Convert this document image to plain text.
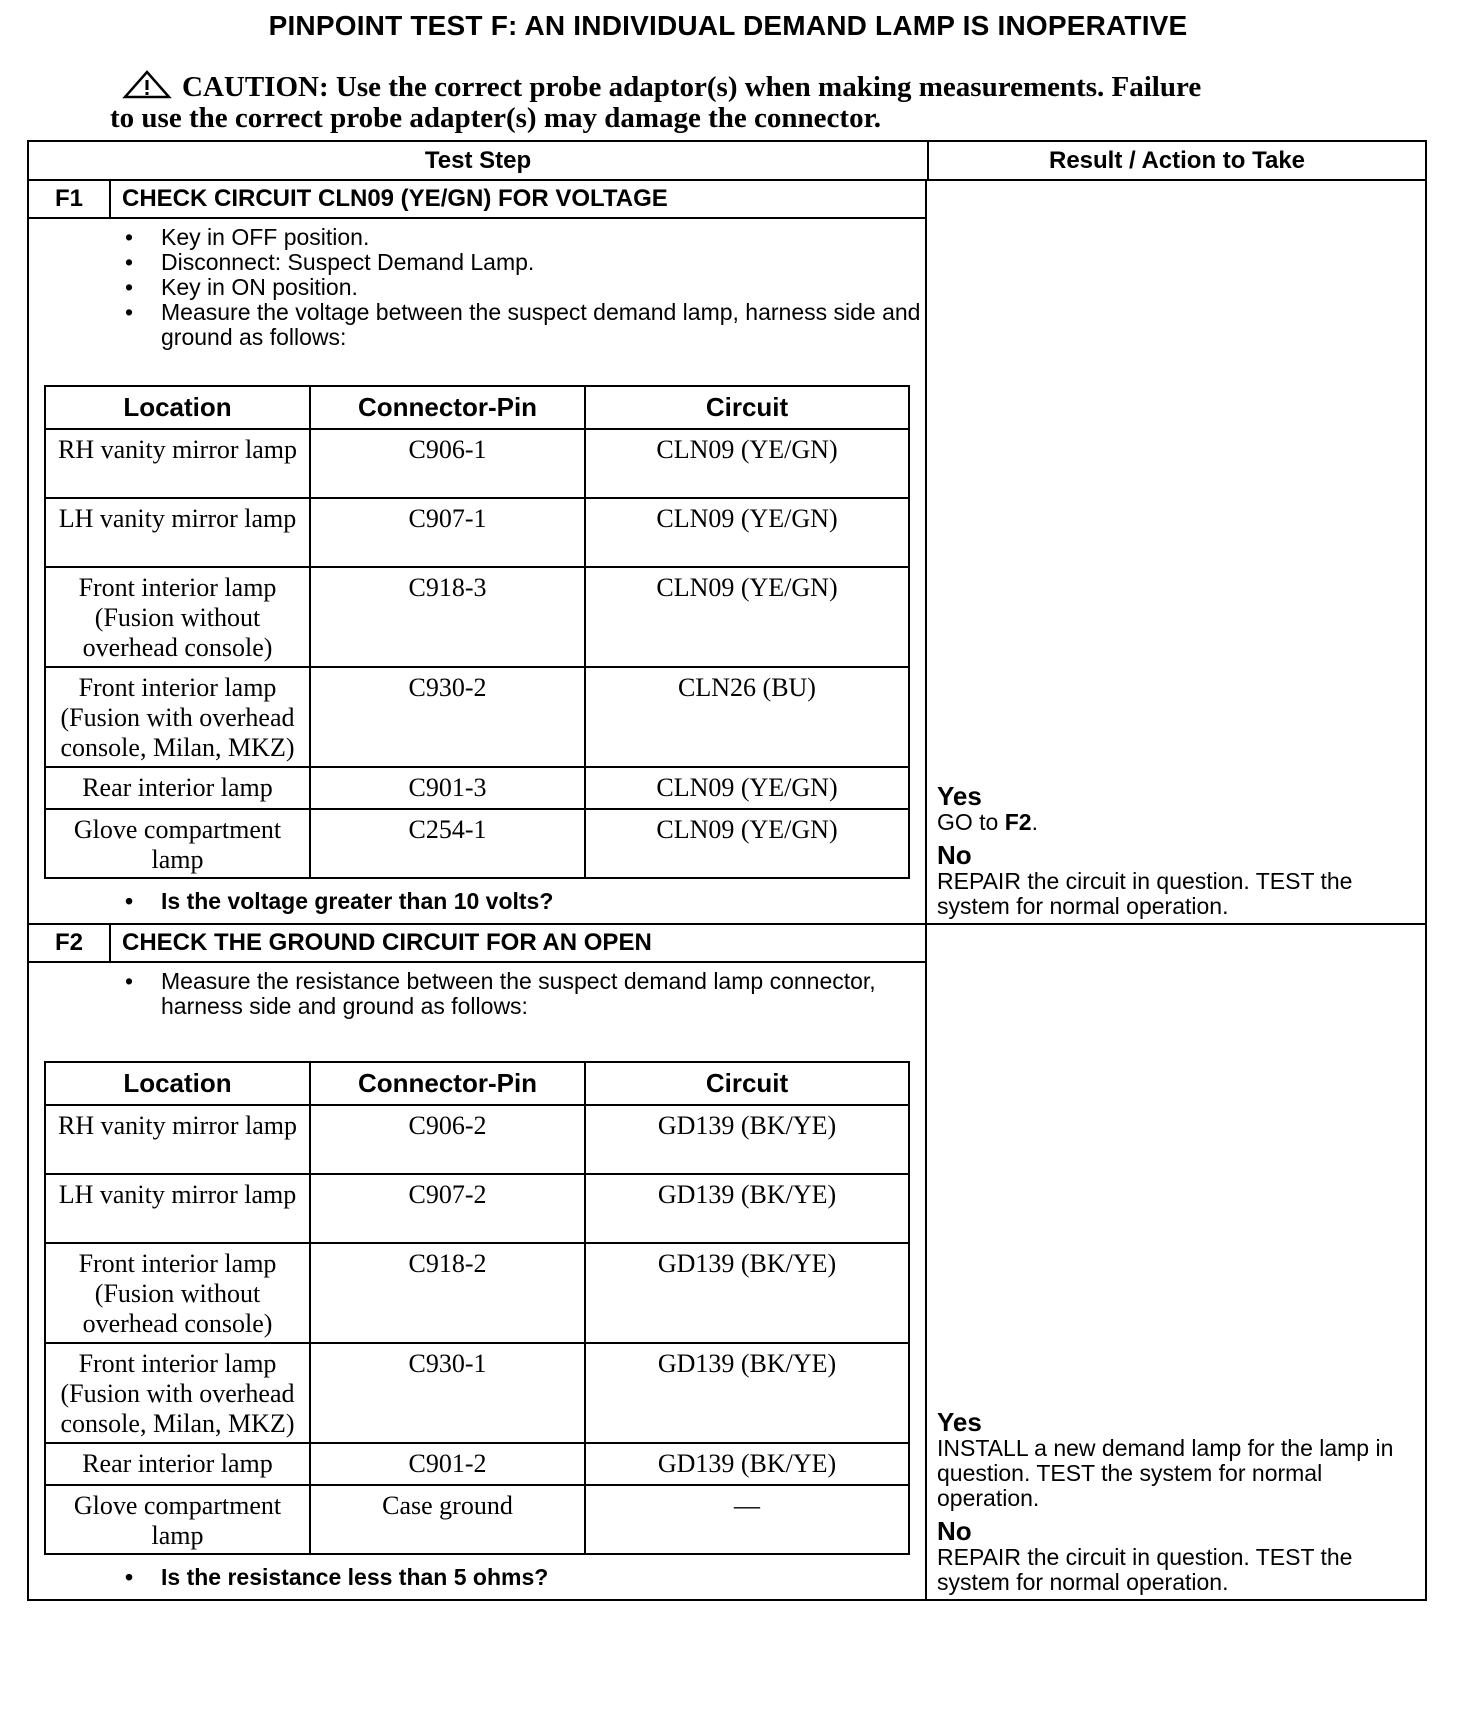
PINPOINT TEST F: AN INDIVIDUAL DEMAND LAMP IS INOPERATIVE
CAUTION: Use the correct probe adaptor(s) when making measurements. Failure
to use the correct probe adapter(s) may damage the connector.
Test Step	Result / Action to Take
F1	CHECK CIRCUIT CLN09 (YE/GN) FOR VOLTAGE
• Key in OFF position.
• Disconnect: Suspect Demand Lamp.
• Key in ON position.
• Measure the voltage between the suspect demand lamp, harness side and ground as follows:
Location	Connector-Pin	Circuit
RH vanity mirror lamp	C906-1	CLN09 (YE/GN)
LH vanity mirror lamp	C907-1	CLN09 (YE/GN)
Front interior lamp (Fusion without overhead console)	C918-3	CLN09 (YE/GN)
Front interior lamp (Fusion with overhead console, Milan, MKZ)	C930-2	CLN26 (BU)
Rear interior lamp	C901-3	CLN09 (YE/GN)
Glove compartment lamp	C254-1	CLN09 (YE/GN)
• Is the voltage greater than 10 volts?
Yes
GO to F2.
No
REPAIR the circuit in question. TEST the system for normal operation.
F2	CHECK THE GROUND CIRCUIT FOR AN OPEN
• Measure the resistance between the suspect demand lamp connector, harness side and ground as follows:
Location	Connector-Pin	Circuit
RH vanity mirror lamp	C906-2	GD139 (BK/YE)
LH vanity mirror lamp	C907-2	GD139 (BK/YE)
Front interior lamp (Fusion without overhead console)	C918-2	GD139 (BK/YE)
Front interior lamp (Fusion with overhead console, Milan, MKZ)	C930-1	GD139 (BK/YE)
Rear interior lamp	C901-2	GD139 (BK/YE)
Glove compartment lamp	Case ground	—
• Is the resistance less than 5 ohms?
Yes
INSTALL a new demand lamp for the lamp in question. TEST the system for normal operation.
No
REPAIR the circuit in question. TEST the system for normal operation.
